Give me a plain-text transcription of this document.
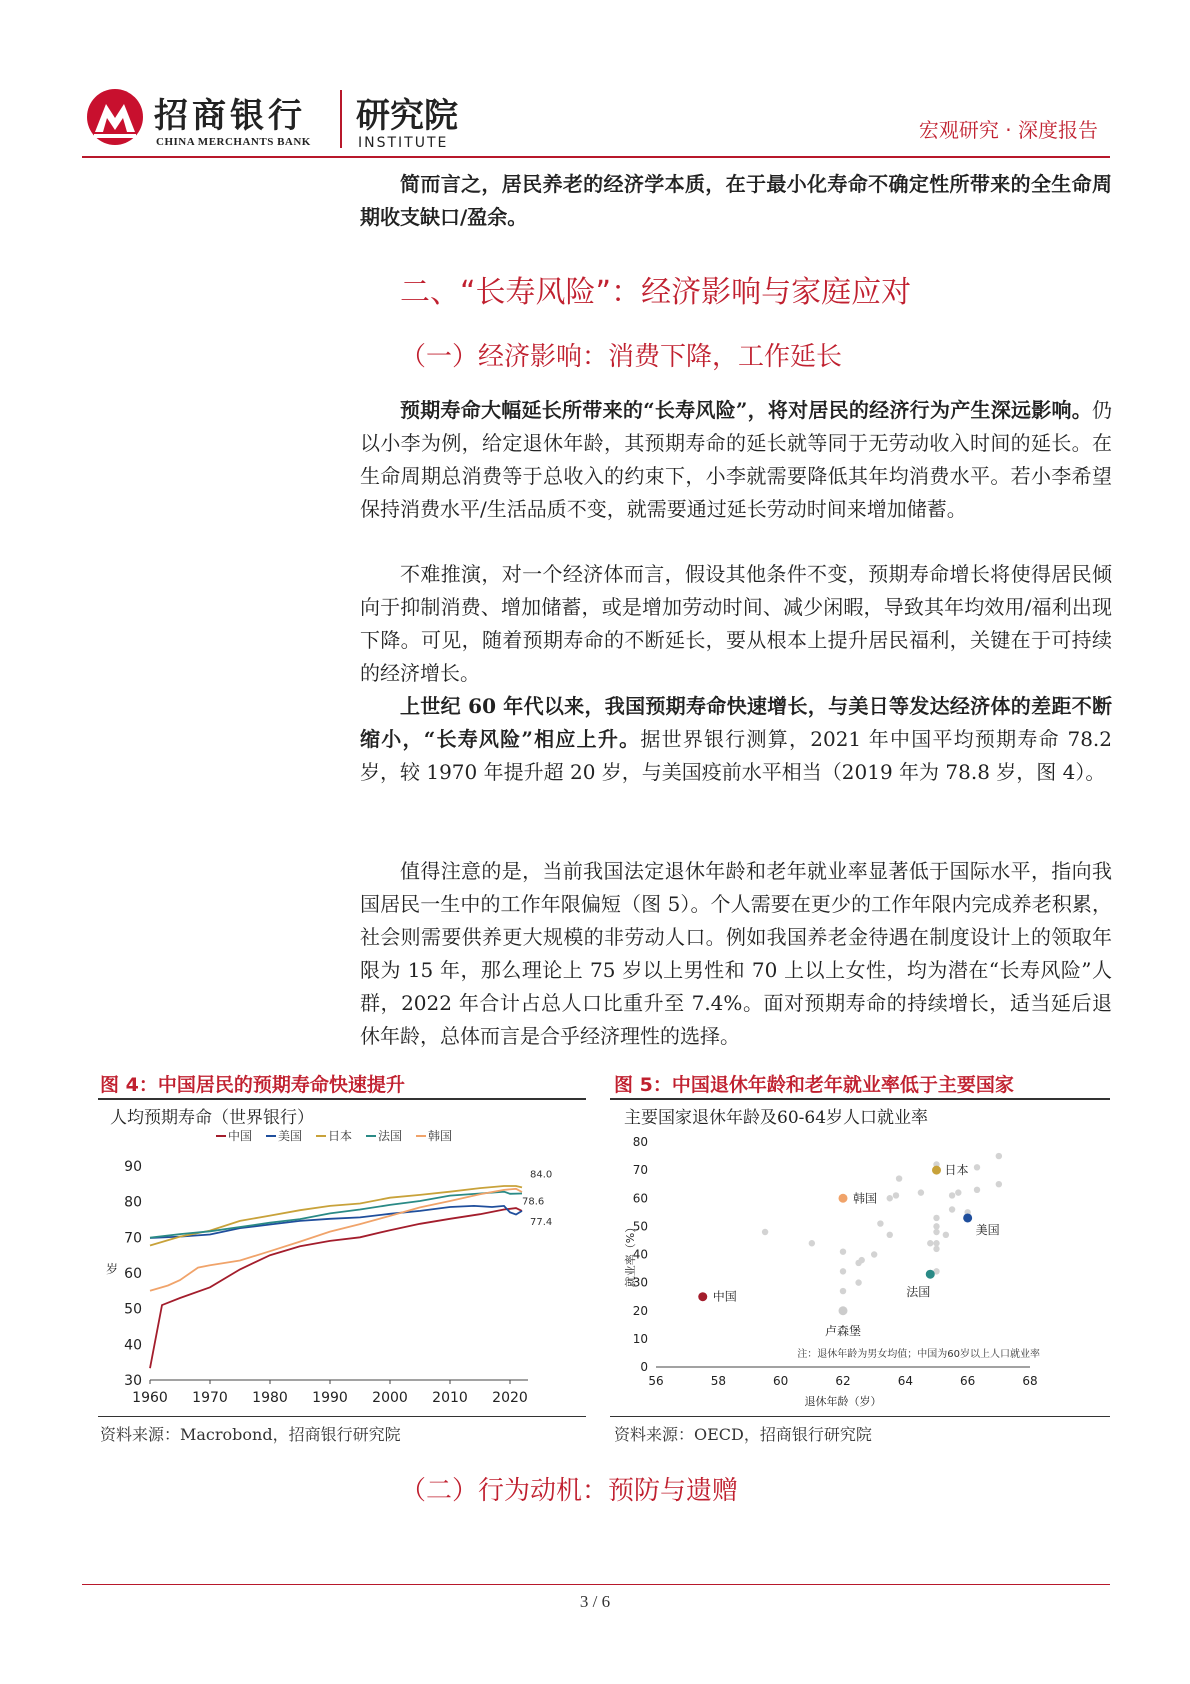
招商银行
CHINA MERCHANTS BANK
研究院
INSTITUTE
宏观研究 · 深度报告
简而言之，居民养老的经济学本质，在于最小化寿命不确定性所带来的全生命周期收支缺口/盈余。
二、“长寿风险”：经济影响与家庭应对
（一）经济影响：消费下降，工作延长
预期寿命大幅延长所带来的“长寿风险”，将对居民的经济行为产生深远影响。仍以小李为例，给定退休年龄，其预期寿命的延长就等同于无劳动收入时间的延长。在生命周期总消费等于总收入的约束下，小李就需要降低其年均消费水平。若小李希望保持消费水平/生活品质不变，就需要通过延长劳动时间来增加储蓄。
不难推演，对一个经济体而言，假设其他条件不变，预期寿命增长将使得居民倾向于抑制消费、增加储蓄，或是增加劳动时间、减少闲暇，导致其年均效用/福利出现下降。可见，随着预期寿命的不断延长，要从根本上提升居民福利，关键在于可持续的经济增长。
上世纪 60 年代以来，我国预期寿命快速增长，与美日等发达经济体的差距不断缩小，“长寿风险”相应上升。据世界银行测算，2021 年中国平均预期寿命 78.2 岁，较 1970 年提升超 20 岁，与美国疫前水平相当（2019 年为 78.8 岁，图 4）。
值得注意的是，当前我国法定退休年龄和老年就业率显著低于国际水平，指向我国居民一生中的工作年限偏短（图 5）。个人需要在更少的工作年限内完成养老积累，社会则需要供养更大规模的非劳动人口。例如我国养老金待遇在制度设计上的领取年限为 15 年，那么理论上 75 岁以上男性和 70 上以上女性，均为潜在“长寿风险”人群，2022 年合计占总人口比重升至 7.4%。面对预期寿命的持续增长，适当延后退休年龄，总体而言是合乎经济理性的选择。
图 4：中国居民的预期寿命快速提升
人均预期寿命（世界银行）
中国 美国 日本 法国 韩国
30
40
50
60
70
80
90
岁
1960 1970 1980 1990 2000 2010 2020
84.0
78.6
77.4
资料来源：Macrobond，招商银行研究院
图 5：中国退休年龄和老年就业率低于主要国家
主要国家退休年龄及60-64岁人口就业率
0
10
20
30
40
50
60
70
80
56	58	60	62	64	66	68
退休年龄（岁）
就业率（%）
中国
韩国
日本
美国
法国
卢森堡
注：退休年龄为男女均值；中国为60岁以上人口就业率
资料来源：OECD，招商银行研究院
（二）行为动机：预防与遗赠
3 / 6
